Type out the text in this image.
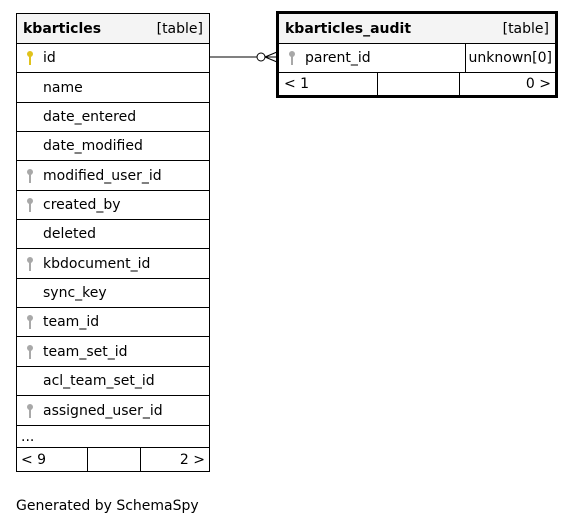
kbarticles	[table]
id
name
date_entered
date_modified
modified_user_id
created_by
deleted
kbdocument_id
sync_key
team_id
team_set_id
acl_team_set_id
assigned_user_id
...
< 9	2 >
kbarticles_audit	[table]
parent_id	unknown[0]
< 1	0 >
Generated by SchemaSpy
